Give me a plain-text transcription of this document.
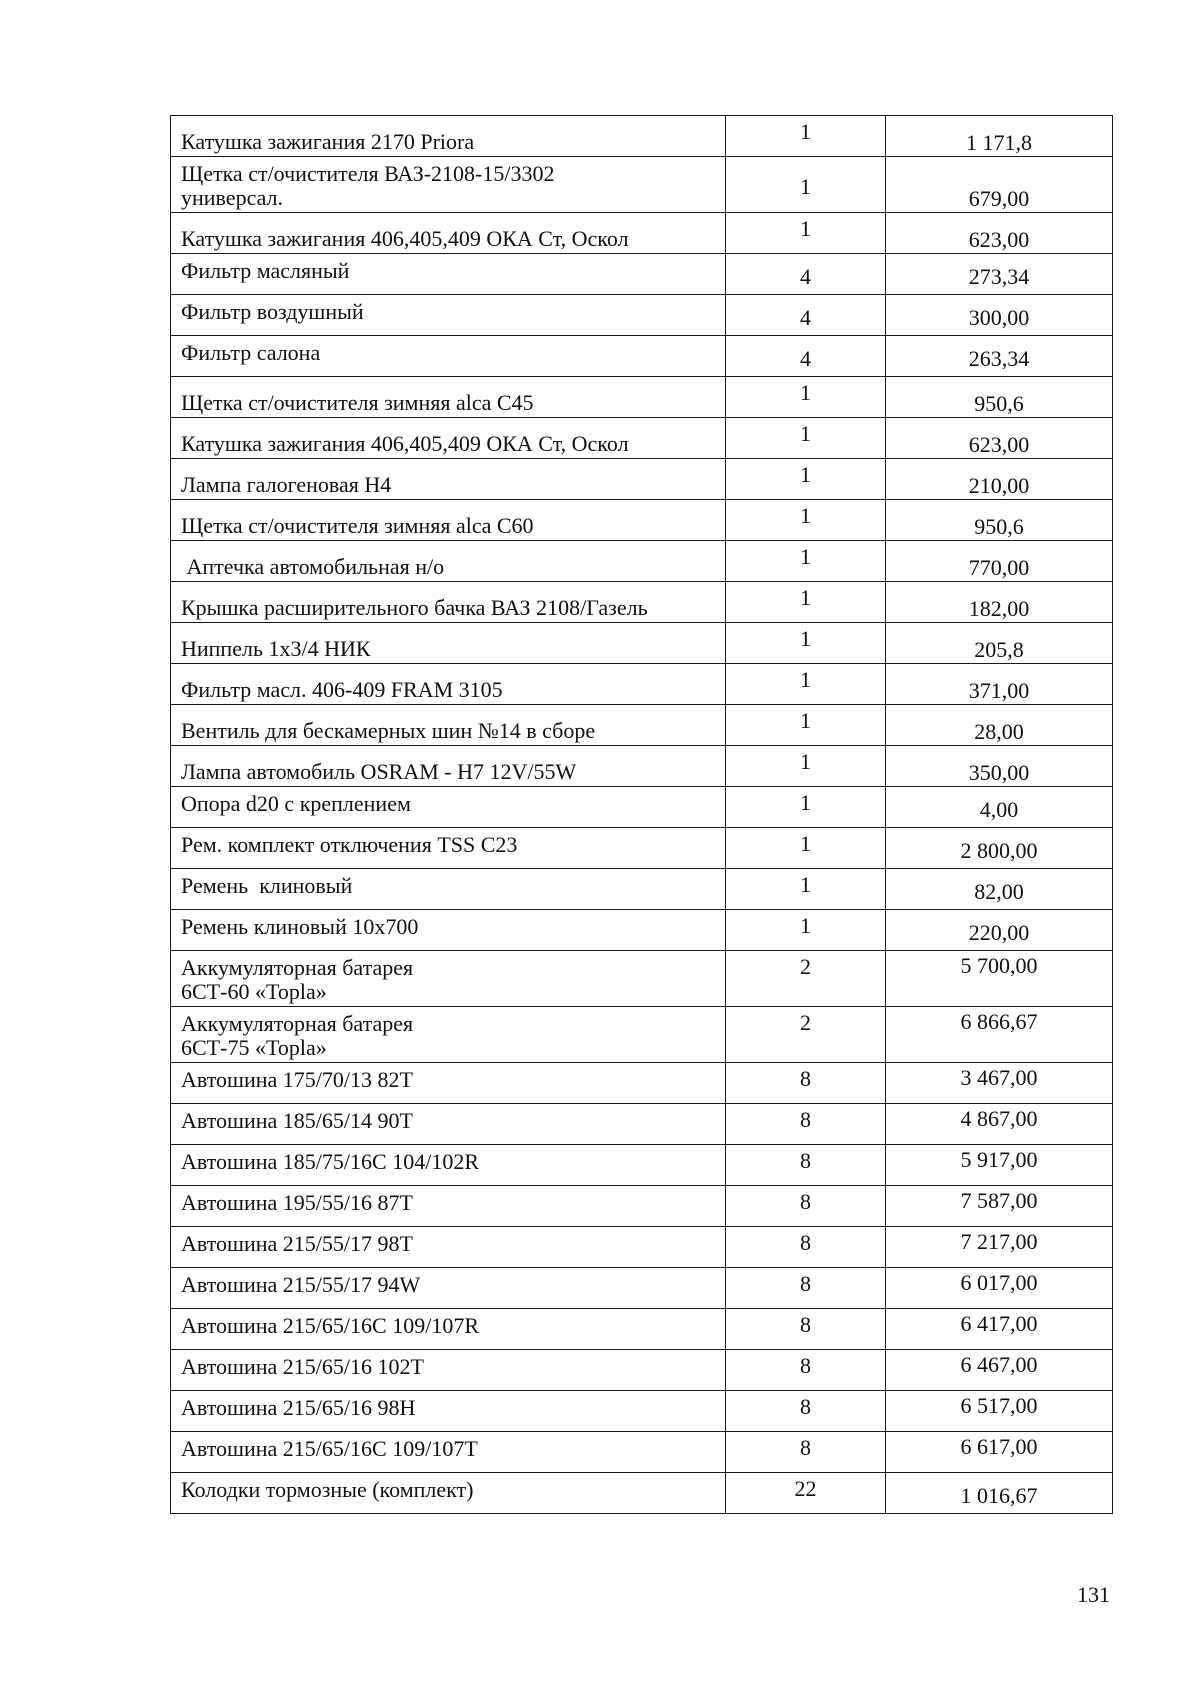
Катушка зажигания 2170 Priora	1	1 171,8
Щетка ст/очистителя ВАЗ-2108-15/3302
универсал.	1	679,00
Катушка зажигания 406,405,409 ОКА Ст, Оскол	1	623,00
Фильтр масляный	4	273,34
Фильтр воздушный	4	300,00
Фильтр салона	4	263,34
Щетка ст/очистителя зимняя alca C45	1	950,6
Катушка зажигания 406,405,409 ОКА Ст, Оскол	1	623,00
Лампа галогеновая Н4	1	210,00
Щетка ст/очистителя зимняя alca C60	1	950,6
Аптечка автомобильная н/о	1	770,00
Крышка расширительного бачка ВАЗ 2108/Газель	1	182,00
Ниппель 1х3/4 НИК	1	205,8
Фильтр масл. 406-409 FRAM 3105	1	371,00
Вентиль для бескамерных шин №14 в сборе	1	28,00
Лампа автомобиль OSRAM - H7 12V/55W	1	350,00
Опора d20 с креплением	1	4,00
Рем. комплект отключения TSS C23	1	2 800,00
Ремень  клиновый	1	82,00
Ремень клиновый 10х700	1	220,00
Аккумуляторная батарея
6СТ-60 «Topla»	2	5 700,00
Аккумуляторная батарея
6СТ-75 «Topla»	2	6 866,67
Автошина 175/70/13 82Т	8	3 467,00
Автошина 185/65/14 90Т	8	4 867,00
Автошина 185/75/16С 104/102R	8	5 917,00
Автошина 195/55/16 87Т	8	7 587,00
Автошина 215/55/17 98Т	8	7 217,00
Автошина 215/55/17 94W	8	6 017,00
Автошина 215/65/16С 109/107R	8	6 417,00
Автошина 215/65/16 102Т	8	6 467,00
Автошина 215/65/16 98Н	8	6 517,00
Автошина 215/65/16С 109/107Т	8	6 617,00
Колодки тормозные (комплект)	22	1 016,67
131
